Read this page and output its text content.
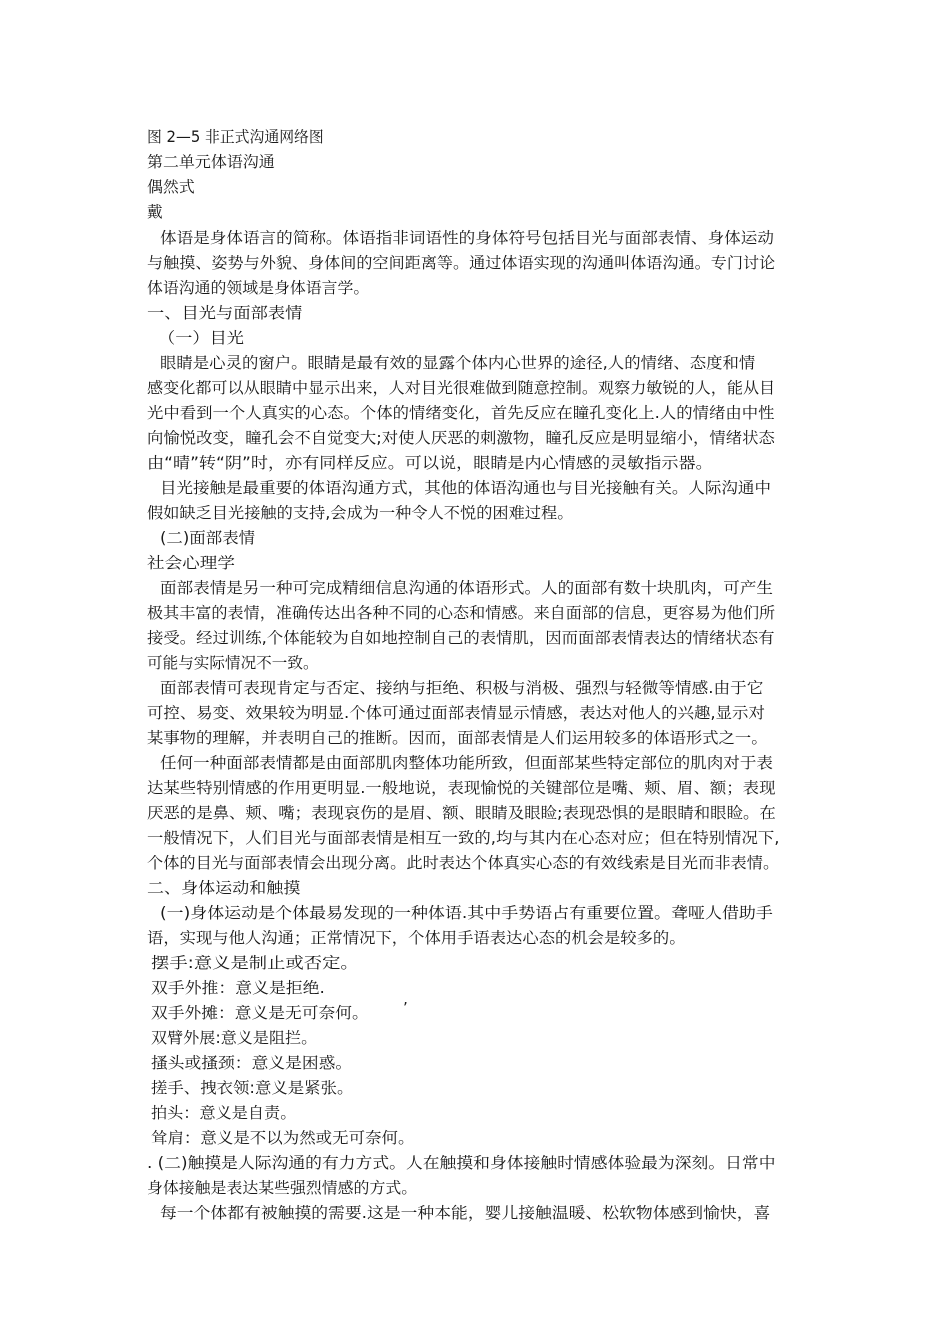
图 2—5 非正式沟通网络图
第二单元体语沟通
偶然式
戴
体语是身体语言的简称。体语指非词语性的身体符号包括目光与面部表情、身体运动
与触摸、姿势与外貌、身体间的空间距离等。通过体语实现的沟通叫体语沟通。专门讨论
体语沟通的领域是身体语言学。
一、目光与面部表情
（一）目光
眼睛是心灵的窗户。眼睛是最有效的显露个体内心世界的途径,人的情绪、态度和情
感变化都可以从眼睛中显示出来，人对目光很难做到随意控制。观察力敏锐的人，能从目
光中看到一个人真实的心态。个体的情绪变化，首先反应在瞳孔变化上.人的情绪由中性
向愉悦改变，瞳孔会不自觉变大;对使人厌恶的刺激物，瞳孔反应是明显缩小，情绪状态
由“晴”转“阴”时，亦有同样反应。可以说，眼睛是内心情感的灵敏指示器。
目光接触是最重要的体语沟通方式，其他的体语沟通也与目光接触有关。人际沟通中
假如缺乏目光接触的支持,会成为一种令人不悦的困难过程。
(二)面部表情
社会心理学
面部表情是另一种可完成精细信息沟通的体语形式。人的面部有数十块肌肉，可产生
极其丰富的表情，准确传达出各种不同的心态和情感。来自面部的信息，更容易为他们所
接受。经过训练,个体能较为自如地控制自己的表情肌，因而面部表情表达的情绪状态有
可能与实际情况不一致。
面部表情可表现肯定与否定、接纳与拒绝、积极与消极、强烈与轻微等情感.由于它
可控、易变、效果较为明显.个体可通过面部表情显示情感，表达对他人的兴趣,显示对
某事物的理解，并表明自己的推断。因而，面部表情是人们运用较多的体语形式之一。
任何一种面部表情都是由面部肌肉整体功能所致，但面部某些特定部位的肌肉对于表
达某些特别情感的作用更明显.一般地说，表现愉悦的关键部位是嘴、颊、眉、额；表现
厌恶的是鼻、颊、嘴；表现哀伤的是眉、额、眼睛及眼睑;表现恐惧的是眼睛和眼睑。在
一般情况下，人们目光与面部表情是相互一致的,均与其内在心态对应；但在特别情况下,
个体的目光与面部表情会出现分离。此时表达个体真实心态的有效线索是目光而非表情。
二、身体运动和触摸
(一)身体运动是个体最易发现的一种体语.其中手势语占有重要位置。聋哑人借助手
语，实现与他人沟通；正常情况下，个体用手语表达心态的机会是较多的。
摆手:意义是制止或否定。
双手外推：意义是拒绝.
双手外摊：意义是无可奈何。
双臂外展:意义是阻拦。
搔头或搔颈：意义是困惑。
搓手、拽衣领:意义是紧张。
拍头：意义是自责。
耸肩：意义是不以为然或无可奈何。
. (二)触摸是人际沟通的有力方式。人在触摸和身体接触时情感体验最为深刻。日常中
身体接触是表达某些强烈情感的方式。
每一个体都有被触摸的需要.这是一种本能，婴儿接触温暖、松软物体感到愉快，喜
’
